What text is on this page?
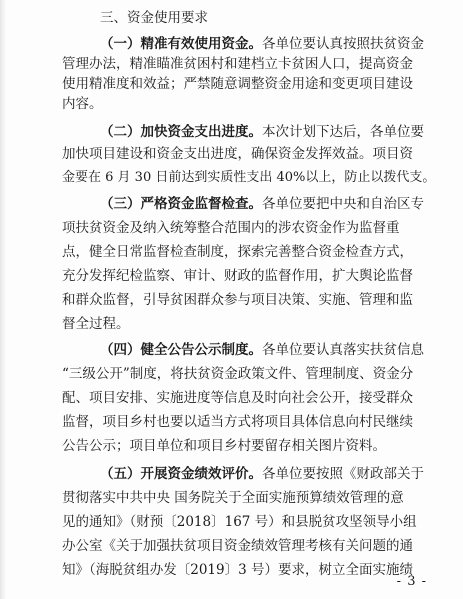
三、资金使用要求
（一）精准有效使用资金。各单位要认真按照扶贫资金
管理办法，精准瞄准贫困村和建档立卡贫困人口，提高资金
使用精准度和效益；严禁随意调整资金用途和变更项目建设
内容。
（二）加快资金支出进度。本次计划下达后，各单位要
加快项目建设和资金支出进度，确保资金发挥效益。项目资
金要在 6 月 30 日前达到实质性支出 40%以上，防止以拨代支。
（三）严格资金监督检查。各单位要把中央和自治区专
项扶贫资金及纳入统筹整合范围内的涉农资金作为监督重
点，健全日常监督检查制度，探索完善整合资金检查方式，
充分发挥纪检监察、审计、财政的监督作用，扩大舆论监督
和群众监督，引导贫困群众参与项目决策、实施、管理和监
督全过程。
（四）健全公告公示制度。各单位要认真落实扶贫信息
“三级公开”制度，将扶贫资金政策文件、管理制度、资金分
配、项目安排、实施进度等信息及时向社会公开，接受群众
监督，项目乡村也要以适当方式将项目具体信息向村民继续
公告公示；项目单位和项目乡村要留存相关图片资料。
（五）开展资金绩效评价。各单位要按照《财政部关于
贯彻落实中共中央 国务院关于全面实施预算绩效管理的意
见的通知》（财预〔2018〕167 号）和县脱贫攻坚领导小组
办公室《关于加强扶贫项目资金绩效管理考核有关问题的通
知》（海脱贫组办发〔2019〕3 号）要求，树立全面实施绩
- 3 -
